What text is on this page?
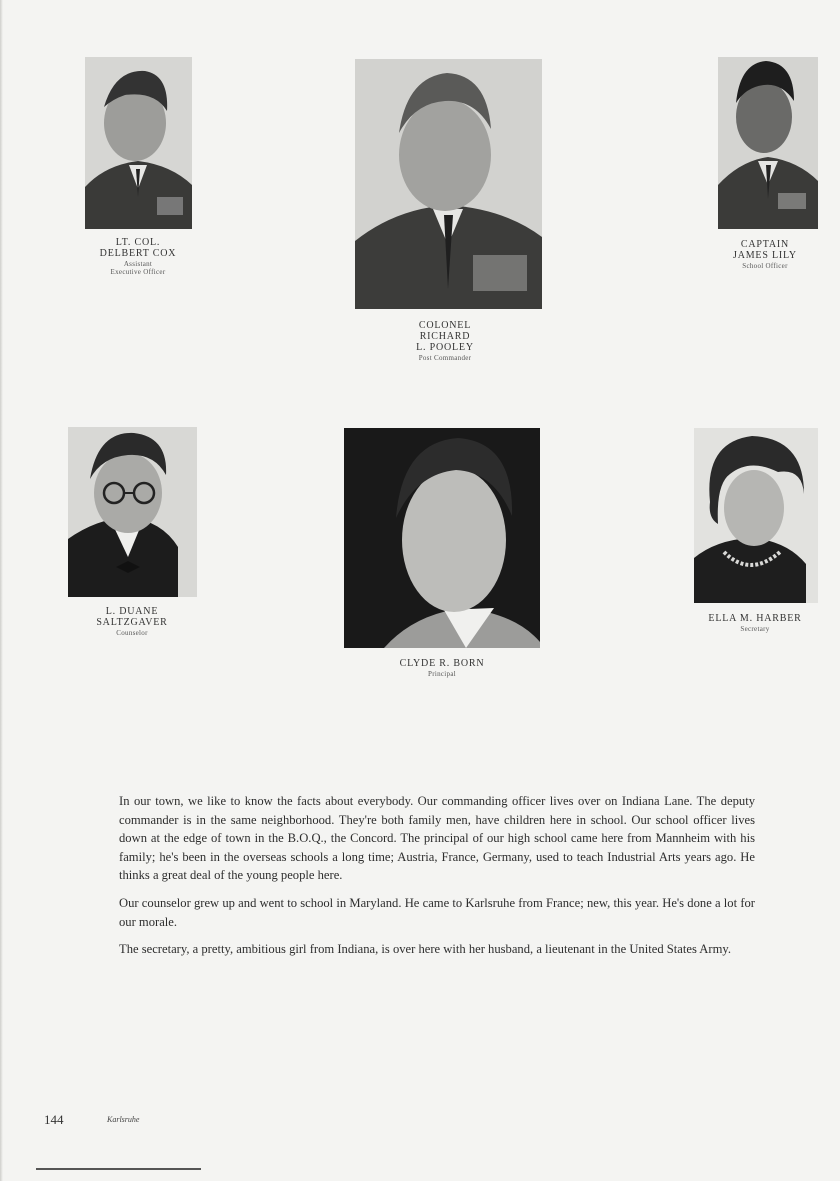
LT. COL.
DELBERT COX
Assistant
Executive Officer
COLONEL
RICHARD
L. POOLEY
Post Commander
CAPTAIN
JAMES LILY
School Officer
L. DUANE
SALTZGAVER
Counselor
CLYDE R. BORN
Principal
ELLA M. HARBER
Secretary

In our town, we like to know the facts about everybody. Our commanding officer lives over on Indiana Lane. The deputy commander is in the same neighborhood. They're both family men, have children here in school. Our school officer lives down at the edge of town in the B.O.Q., the Concord. The principal of our high school came here from Mannheim with his family; he's been in the overseas schools a long time; Austria, France, Germany, used to teach Industrial Arts years ago. He thinks a great deal of the young people here.

Our counselor grew up and went to school in Maryland. He came to Karlsruhe from France; new, this year. He's done a lot for our morale.

The secretary, a pretty, ambitious girl from Indiana, is over here with her husband, a lieutenant in the United States Army.

144	Karlsruhe
